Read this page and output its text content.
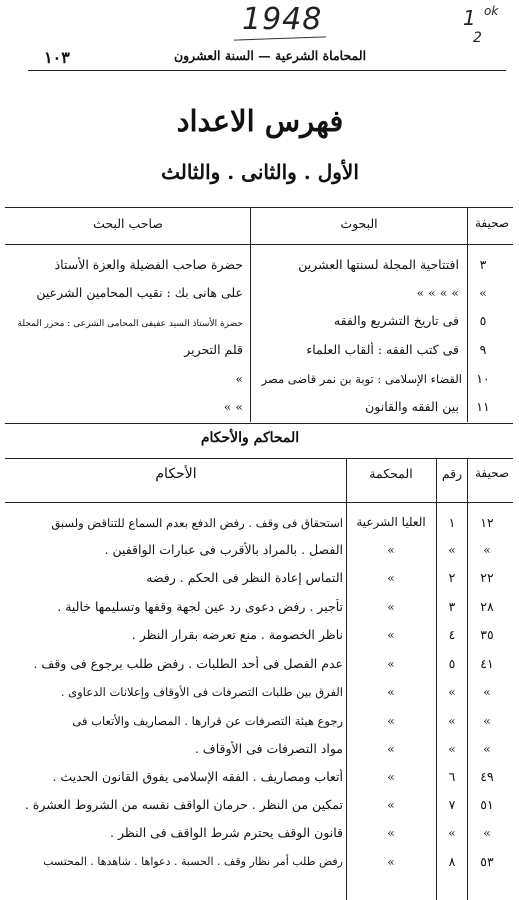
1948	1 ok
2
١٠٣	المحاماة الشرعية — السنة العشرون
فهرس الاعداد
الأول . والثانى . والثالث
صحيفة
البحوث
صاحب البحث
٣
»
٥
٩
١٠
١١
افتتاحية المجلة لسنتها العشرين
» » » »
فى تاريخ التشريع والفقه
فى كتب الفقه : ألقاب العلماء
القضاء الإسلامى : توبة بن نمر قاضى مصر
بين الفقه والقانون
حضرة صاحب الفضيلة والعزة الأستاذ
على هانى بك : نقيب المحامين الشرعين
حضرة الأستاذ السيد عفيفى المحامى الشرعى : محرر المجلة
قلم التحرير
»
» »
المحاكم والأحكام
صحيفة
رقم
المحكمة
الأحكام
١٢
»
٢٢
٢٨
٣٥
٤١
»
»
»
٤٩
٥١
»
٥٣
١
»
٢
٣
٤
٥
»
»
»
٦
٧
»
٨
العليا الشرعية
»
»
»
»
»
»
»
»
»
»
»
»
استحقاق فى وقف . رفض الدفع بعدم السماع للتناقض ولسبق
الفصل . بالمراد بالأقرب فى عبارات الواقفين .
التماس إعادة النظر فى الحكم . رفضه
تأجير . رفض دعوى رد عين لجهة وقفها وتسليمها خالية .
ناظر الخصومة . منع تعرضه بقرار النظر .
عدم الفصل فى أحد الطلبات . رفض طلب برجوع فى وقف .
الفرق بين طلبات التصرفات فى الأوقاف وإعلانات الدعاوى .
رجوع هيئة التصرفات عن قرارها . المصاريف والأتعاب فى
مواد التصرفات فى الأوقاف .
أتعاب ومصاريف . الفقه الإسلامى يفوق القانون الحديث .
تمكين من النظر . حرمان الواقف نفسه من الشروط العشرة .
قانون الوقف يحترم شرط الواقف فى النظر .
رفض طلب أمر نظار وقف . الحسبة . دعواها . شاهدها . المحتسب
